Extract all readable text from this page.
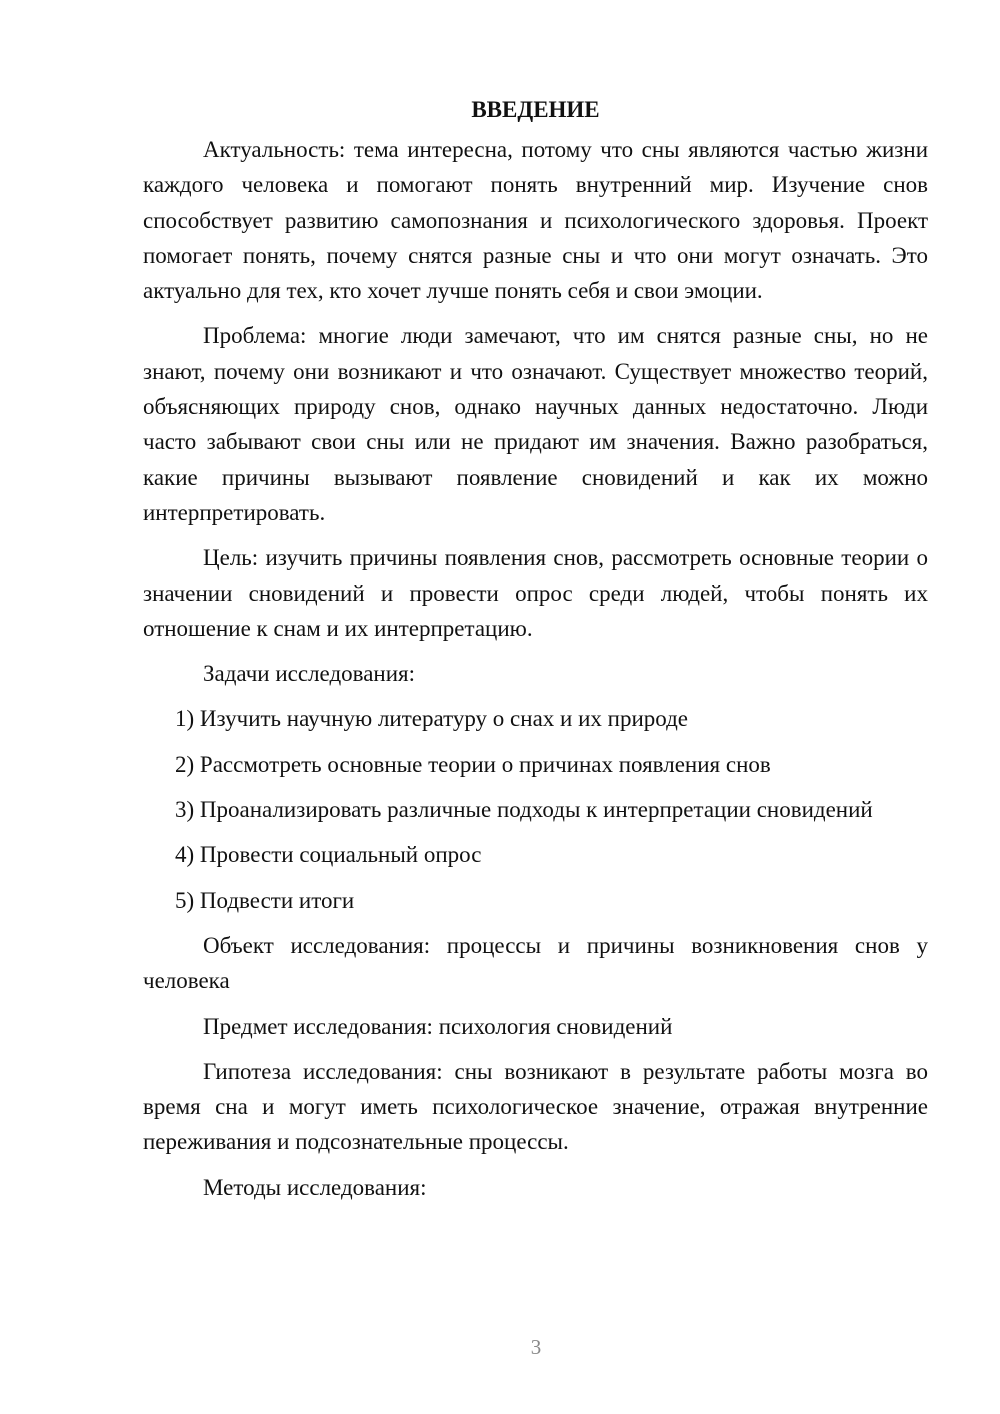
ВВЕДЕНИЕ

Актуальность: тема интересна, потому что сны являются частью жизни каждого человека и помогают понять внутренний мир. Изучение снов способствует развитию самопознания и психологического здоровья. Проект помогает понять, почему снятся разные сны и что они могут означать. Это актуально для тех, кто хочет лучше понять себя и свои эмоции.

Проблема: многие люди замечают, что им снятся разные сны, но не знают, почему они возникают и что означают. Существует множество теорий, объясняющих природу снов, однако научных данных недостаточно. Люди часто забывают свои сны или не придают им значения. Важно разобраться, какие причины вызывают появление сновидений и как их можно интерпретировать.

Цель: изучить причины появления снов, рассмотреть основные теории о значении сновидений и провести опрос среди людей, чтобы понять их отношение к снам и их интерпретацию.

Задачи исследования:

1) Изучить научную литературу о снах и их природе

2) Рассмотреть основные теории о причинах появления снов

3) Проанализировать различные подходы к интерпретации сновидений

4) Провести социальный опрос

5) Подвести итоги

Объект исследования: процессы и причины возникновения снов у человека

Предмет исследования: психология сновидений

Гипотеза исследования: сны возникают в результате работы мозга во время сна и могут иметь психологическое значение, отражая внутренние переживания и подсознательные процессы.

Методы исследования:

3
